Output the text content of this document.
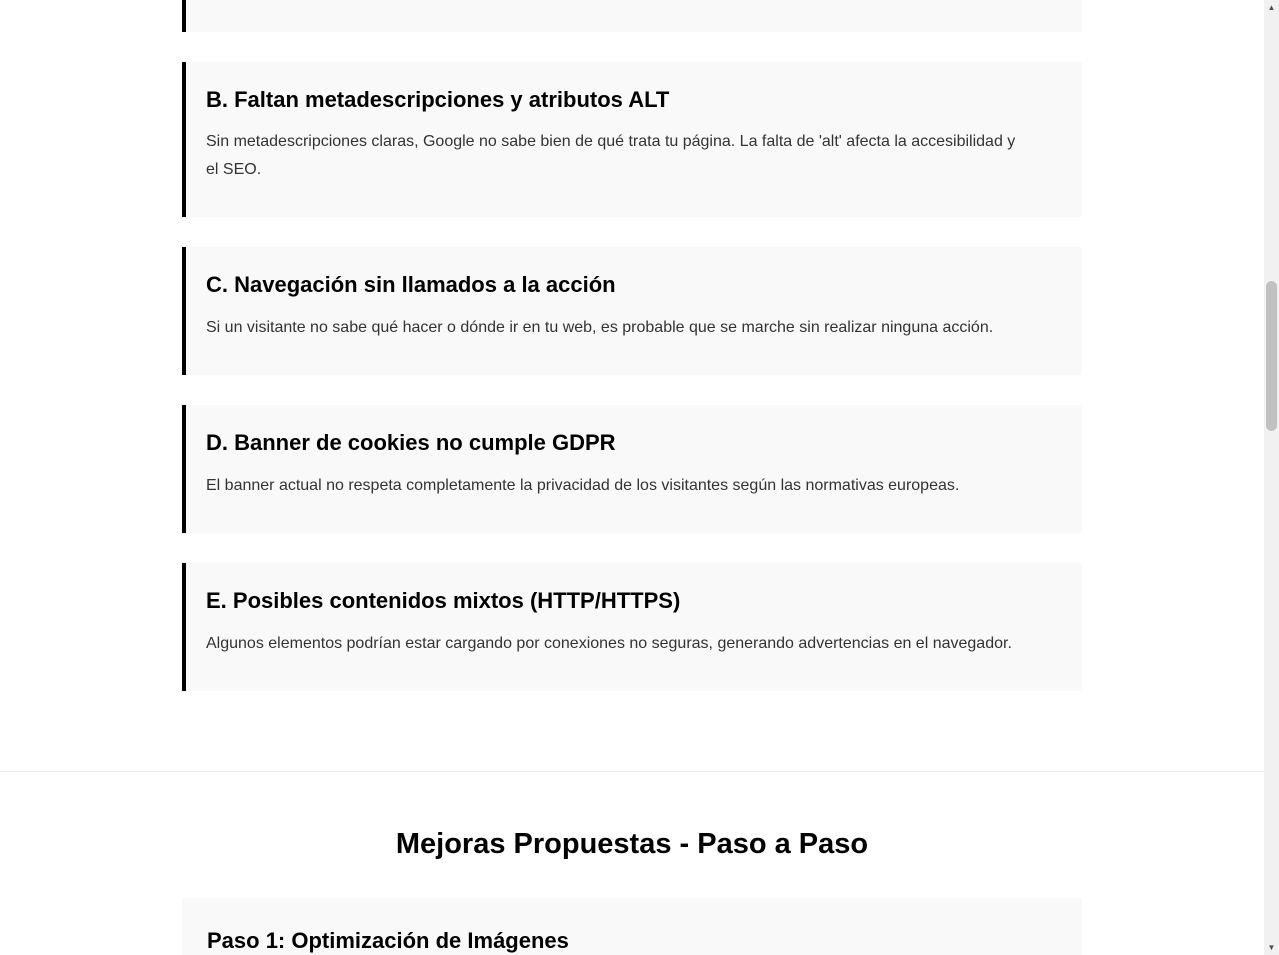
B. Faltan metadescripciones y atributos ALT

Sin metadescripciones claras, Google no sabe bien de qué trata tu página. La falta de 'alt' afecta la accesibilidad y el SEO.

C. Navegación sin llamados a la acción

Si un visitante no sabe qué hacer o dónde ir en tu web, es probable que se marche sin realizar ninguna acción.

D. Banner de cookies no cumple GDPR

El banner actual no respeta completamente la privacidad de los visitantes según las normativas europeas.

E. Posibles contenidos mixtos (HTTP/HTTPS)

Algunos elementos podrían estar cargando por conexiones no seguras, generando advertencias en el navegador.

Mejoras Propuestas - Paso a Paso
Paso 1: Optimización de Imágenes
▲
▼
